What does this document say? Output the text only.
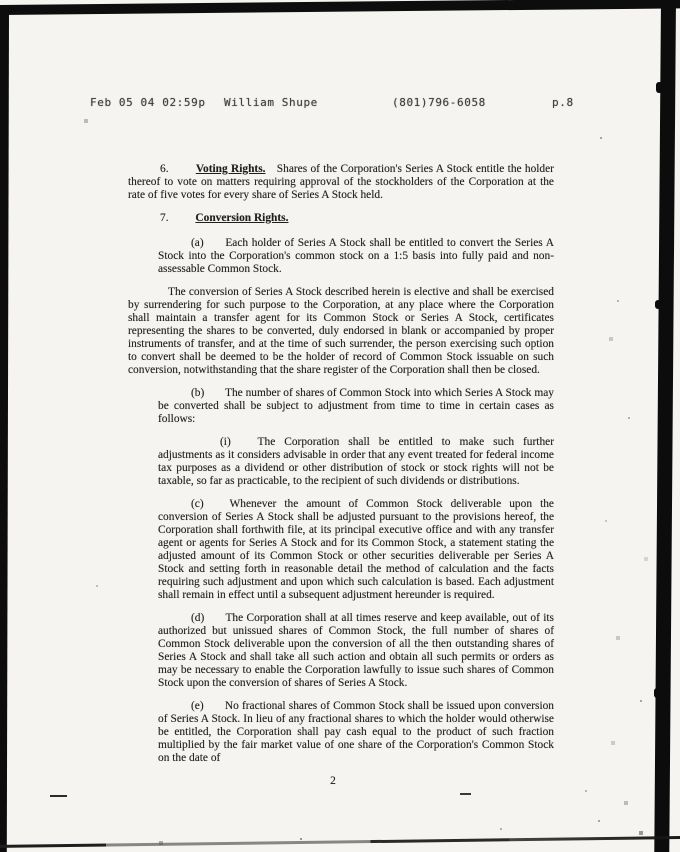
Feb 05 04 02:59p William Shupe	(801)796-6058	p.8

6. Voting Rights. Shares of the Corporation's Series A Stock entitle the holder thereof to vote on matters requiring approval of the stockholders of the Corporation at the rate of five votes for every share of Series A Stock held.

7. Conversion Rights.

(a) Each holder of Series A Stock shall be entitled to convert the Series A Stock into the Corporation's common stock on a 1:5 basis into fully paid and non-assessable Common Stock.

The conversion of Series A Stock described herein is elective and shall be exercised by surrendering for such purpose to the Corporation, at any place where the Corporation shall maintain a transfer agent for its Common Stock or Series A Stock, certificates representing the shares to be converted, duly endorsed in blank or accompanied by proper instruments of transfer, and at the time of such surrender, the person exercising such option to convert shall be deemed to be the holder of record of Common Stock issuable on such conversion, notwithstanding that the share register of the Corporation shall then be closed.

(b) The number of shares of Common Stock into which Series A Stock may be converted shall be subject to adjustment from time to time in certain cases as follows:

(i) The Corporation shall be entitled to make such further adjustments as it considers advisable in order that any event treated for federal income tax purposes as a dividend or other distribution of stock or stock rights will not be taxable, so far as practicable, to the recipient of such dividends or distributions.

(c) Whenever the amount of Common Stock deliverable upon the conversion of Series A Stock shall be adjusted pursuant to the provisions hereof, the Corporation shall forthwith file, at its principal executive office and with any transfer agent or agents for Series A Stock and for its Common Stock, a statement stating the adjusted amount of its Common Stock or other securities deliverable per Series A Stock and setting forth in reasonable detail the method of calculation and the facts requiring such adjustment and upon which such calculation is based. Each adjustment shall remain in effect until a subsequent adjustment hereunder is required.

(d) The Corporation shall at all times reserve and keep available, out of its authorized but unissued shares of Common Stock, the full number of shares of Common Stock deliverable upon the conversion of all the then outstanding shares of Series A Stock and shall take all such action and obtain all such permits or orders as may be necessary to enable the Corporation lawfully to issue such shares of Common Stock upon the conversion of shares of Series A Stock.

(e) No fractional shares of Common Stock shall be issued upon conversion of Series A Stock. In lieu of any fractional shares to which the holder would otherwise be entitled, the Corporation shall pay cash equal to the product of such fraction multiplied by the fair market value of one share of the Corporation's Common Stock on the date of

2
